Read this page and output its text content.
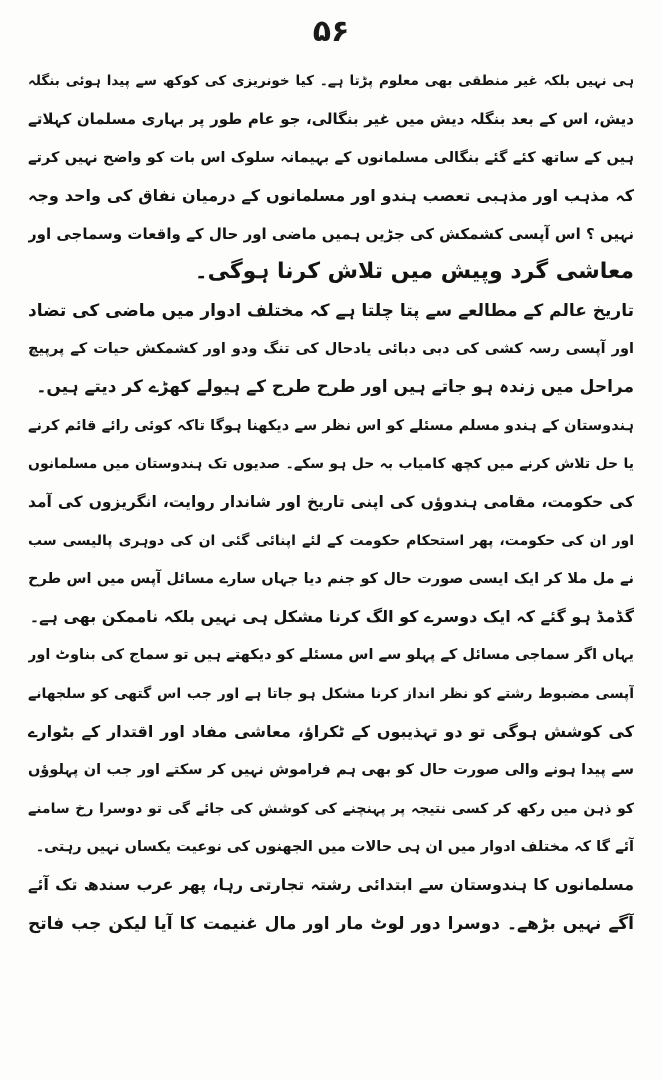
۵۶
ہی نہیں بلکہ غیر منطقی بھی معلوم پڑتا ہے۔ کیا خونریزی کی کوکھ سے پیدا ہوئی بنگلہ
دیش، اس کے بعد بنگلہ دیش میں غیر بنگالی، جو عام طور پر بہاری مسلمان کہلاتے
ہیں کے ساتھ کئے گئے بنگالی مسلمانوں کے بہیمانہ سلوک اس بات کو واضح نہیں کرتے
کہ مذہب اور مذہبی تعصب ہندو اور مسلمانوں کے درمیان نفاق کی واحد وجہ
نہیں ؟ اس آپسی کشمکش کی جڑیں ہمیں ماضی اور حال کے واقعات وسماجی اور
معاشی گرد وپیش میں تلاش کرنا ہوگی۔
تاریخ عالم کے مطالعے سے پتا چلتا ہے کہ مختلف ادوار میں ماضی کی تضاد
اور آپسی رسہ کشی کی دبی دبائی یادحال کی تنگ ودو اور کشمکش حیات کے پرپیچ
مراحل میں زندہ ہو جاتے ہیں اور طرح طرح کے ہیولے کھڑے کر دیتے ہیں۔
ہندوستان کے ہندو مسلم مسئلے کو اس نظر سے دیکھنا ہوگا تاکہ کوئی رائے قائم کرنے
یا حل تلاش کرنے میں کچھ کامیاب بہ حل ہو سکے۔ صدیوں تک ہندوستان میں مسلمانوں
کی حکومت، مقامی ہندوؤں کی اپنی تاریخ اور شاندار روایت، انگریزوں کی آمد
اور ان کی حکومت، پھر استحکام حکومت کے لئے اپنائی گئی ان کی دوہری پالیسی سب
نے مل ملا کر ایک ایسی صورت حال کو جنم دیا جہاں سارے مسائل آپس میں اس طرح
گڈمڈ ہو گئے کہ ایک دوسرے کو الگ کرنا مشکل ہی نہیں بلکہ ناممکن بھی ہے۔
یہاں اگر سماجی مسائل کے پہلو سے اس مسئلے کو دیکھتے ہیں تو سماج کی بناوٹ اور
آپسی مضبوط رشتے کو نظر انداز کرنا مشکل ہو جاتا ہے اور جب اس گتھی کو سلجھانے
کی کوشش ہوگی تو دو تہذیبوں کے ٹکراؤ، معاشی مفاد اور اقتدار کے بٹوارے
سے پیدا ہونے والی صورت حال کو بھی ہم فراموش نہیں کر سکتے اور جب ان پہلوؤں
کو ذہن میں رکھ کر کسی نتیجہ پر پہنچنے کی کوشش کی جائے گی تو دوسرا رخ سامنے
آئے گا کہ مختلف ادوار میں ان ہی حالات میں الجھنوں کی نوعیت یکساں نہیں رہتی۔
مسلمانوں کا ہندوستان سے ابتدائی رشتہ تجارتی رہا، پھر عرب سندھ تک آئے
آگے نہیں بڑھے۔ دوسرا دور لوٹ مار اور مال غنیمت کا آیا لیکن جب فاتح
